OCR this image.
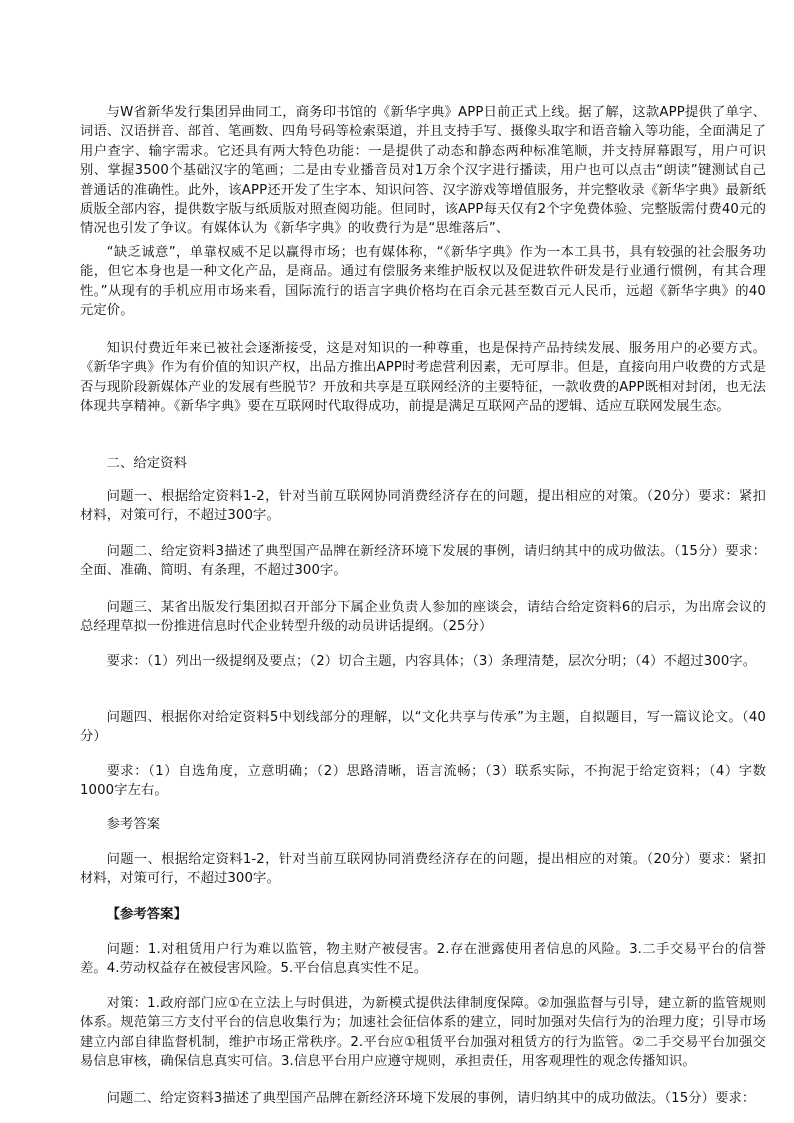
与W省新华发行集团异曲同工，商务印书馆的《新华字典》APP日前正式上线。据了解，这款APP提供了单字、词语、汉语拼音、部首、笔画数、四角号码等检索渠道，并且支持手写、摄像头取字和语音输入等功能，全面满足了用户查字、输字需求。它还具有两大特色功能：一是提供了动态和静态两种标准笔顺，并支持屏幕跟写，用户可识别、掌握3500个基础汉字的笔画；二是由专业播音员对1万余个汉字进行播读，用户也可以点击“朗读”键测试自己普通话的准确性。此外，该APP还开发了生字本、知识问答、汉字游戏等增值服务，并完整收录《新华字典》最新纸质版全部内容，提供数字版与纸质版对照查阅功能。但同时，该APP每天仅有2个字免费体验、完整版需付费40元的情况也引发了争议。有媒体认为《新华字典》的收费行为是“思维落后”、
“缺乏诚意”，单靠权威不足以赢得市场；也有媒体称，“《新华字典》作为一本工具书，具有较强的社会服务功能，但它本身也是一种文化产品，是商品。通过有偿服务来维护版权以及促进软件研发是行业通行惯例，有其合理性。”从现有的手机应用市场来看，国际流行的语言字典价格均在百余元甚至数百元人民币，远超《新华字典》的40元定价。
知识付费近年来已被社会逐渐接受，这是对知识的一种尊重，也是保持产品持续发展、服务用户的必要方式。《新华字典》作为有价值的知识产权，出品方推出APP时考虑营利因素，无可厚非。但是，直接向用户收费的方式是否与现阶段新媒体产业的发展有些脱节？开放和共享是互联网经济的主要特征，一款收费的APP既相对封闭，也无法体现共享精神。《新华字典》要在互联网时代取得成功，前提是满足互联网产品的逻辑、适应互联网发展生态。
二、给定资料
问题一、根据给定资料1-2，针对当前互联网协同消费经济存在的问题，提出相应的对策。（20分）要求：紧扣材料，对策可行，不超过300字。
问题二、给定资料3描述了典型国产品牌在新经济环境下发展的事例，请归纳其中的成功做法。（15分）要求：全面、准确、简明、有条理，不超过300字。
问题三、某省出版发行集团拟召开部分下属企业负责人参加的座谈会，请结合给定资料6的启示，为出席会议的总经理草拟一份推进信息时代企业转型升级的动员讲话提纲。（25分）
要求：（1）列出一级提纲及要点；（2）切合主题，内容具体；（3）条理清楚，层次分明；（4）不超过300字。
问题四、根据你对给定资料5中划线部分的理解，以“文化共享与传承”为主题，自拟题目，写一篇议论文。（40分）
要求：（1）自选角度，立意明确；（2）思路清晰，语言流畅；（3）联系实际，不拘泥于给定资料；（4）字数1000字左右。
参考答案
问题一、根据给定资料1-2，针对当前互联网协同消费经济存在的问题，提出相应的对策。（20分）要求：紧扣材料，对策可行，不超过300字。
【参考答案】
问题：1.对租赁用户行为难以监管，物主财产被侵害。2.存在泄露使用者信息的风险。3.二手交易平台的信誉差。4.劳动权益存在被侵害风险。5.平台信息真实性不足。
对策：1.政府部门应①在立法上与时俱进，为新模式提供法律制度保障。②加强监督与引导，建立新的监管规则体系。规范第三方支付平台的信息收集行为；加速社会征信体系的建立，同时加强对失信行为的治理力度；引导市场建立内部自律监督机制，维护市场正常秩序。2.平台应①租赁平台加强对租赁方的行为监管。②二手交易平台加强交易信息审核，确保信息真实可信。3.信息平台用户应遵守规则，承担责任，用客观理性的观念传播知识。
问题二、给定资料3描述了典型国产品牌在新经济环境下发展的事例，请归纳其中的成功做法。（15分）要求：
